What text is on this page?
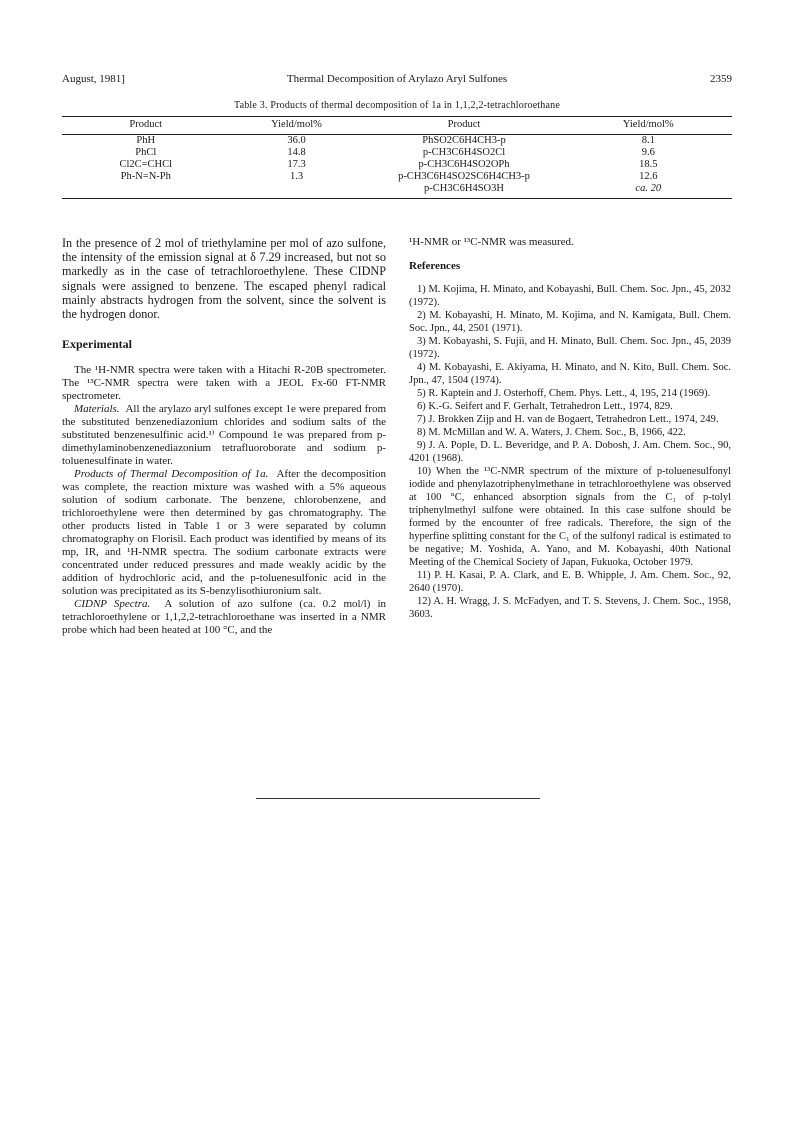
August, 1981]	Thermal Decomposition of Arylazo Aryl Sulfones	2359
Table 3. Products of thermal decomposition of 1a in 1,1,2,2-tetrachloroethane
Product	Yield/mol%	Product	Yield/mol%
PhH	36.0	PhSO2C6H4CH3-p	8.1
PhCl	14.8	p-CH3C6H4SO2Cl	9.6
Cl2C=CHCl	17.3	p-CH3C6H4SO2OPh	18.5
Ph-N=N-Ph	1.3	p-CH3C6H4SO2SC6H4CH3-p	12.6
		p-CH3C6H4SO3H	ca. 20

In the presence of 2 mol of triethylamine per mol of azo sulfone, the intensity of the emission signal at δ 7.29 increased, but not so markedly as in the case of tetrachloroethylene. These CIDNP signals were assigned to benzene. The escaped phenyl radical mainly abstracts hydrogen from the solvent, since the solvent is the hydrogen donor.

Experimental

The ¹H-NMR spectra were taken with a Hitachi R-20B spectrometer. The ¹³C-NMR spectra were taken with a JEOL Fx-60 FT-NMR spectrometer.

Materials. All the arylazo aryl sulfones except 1e were prepared from the substituted benzenediazonium chlorides and sodium salts of the substituted benzenesulfinic acid.¹⁾ Compound 1e was prepared from p-dimethylaminobenzenediazonium tetrafluoroborate and sodium p-toluenesulfinate in water.

Products of Thermal Decomposition of 1a. After the decomposition was complete, the reaction mixture was washed with a 5% aqueous solution of sodium carbonate. The benzene, chlorobenzene, and trichloroethylene were then determined by gas chromatography. The other products listed in Table 1 or 3 were separated by column chromatography on Florisil. Each product was identified by means of its mp, IR, and ¹H-NMR spectra. The sodium carbonate extracts were concentrated under reduced pressures and made weakly acidic by the addition of hydrochloric acid, and the p-toluenesulfonic acid in the solution was precipitated as its S-benzylisothiuronium salt.

CIDNP Spectra. A solution of azo sulfone (ca. 0.2 mol/l) in tetrachloroethylene or 1,1,2,2-tetrachloroethane was inserted in a NMR probe which had been heated at 100 °C, and the

¹H-NMR or ¹³C-NMR was measured.

References

1) M. Kojima, H. Minato, and Kobayashi, Bull. Chem. Soc. Jpn., 45, 2032 (1972).

2) M. Kobayashi, H. Minato, M. Kojima, and N. Kamigata, Bull. Chem. Soc. Jpn., 44, 2501 (1971).

3) M. Kobayashi, S. Fujii, and H. Minato, Bull. Chem. Soc. Jpn., 45, 2039 (1972).

4) M. Kobayashi, E. Akiyama, H. Minato, and N. Kito, Bull. Chem. Soc. Jpn., 47, 1504 (1974).

5) R. Kaptein and J. Osterhoff, Chem. Phys. Lett., 4, 195, 214 (1969).

6) K.-G. Seifert and F. Gerhalt, Tetrahedron Lett., 1974, 829.

7) J. Brokken Zijp and H. van de Bogaert, Tetrahedron Lett., 1974, 249.

8) M. McMillan and W. A. Waters, J. Chem. Soc., B, 1966, 422.

9) J. A. Pople, D. L. Beveridge, and P. A. Dobosh, J. Am. Chem. Soc., 90, 4201 (1968).

10) When the ¹³C-NMR spectrum of the mixture of p-toluenesulfonyl iodide and phenylazotriphenylmethane in tetrachloroethylene was observed at 100 °C, enhanced absorption signals from the C₁ of p-tolyl triphenylmethyl sulfone were obtained. In this case sulfone should be formed by the encounter of free radicals. Therefore, the sign of the hyperfine splitting constant for the C₁ of the sulfonyl radical is estimated to be negative; M. Yoshida, A. Yano, and M. Kobayashi, 40th National Meeting of the Chemical Society of Japan, Fukuoka, October 1979.

11) P. H. Kasai, P. A. Clark, and E. B. Whipple, J. Am. Chem. Soc., 92, 2640 (1970).

12) A. H. Wragg, J. S. McFadyen, and T. S. Stevens, J. Chem. Soc., 1958, 3603.
